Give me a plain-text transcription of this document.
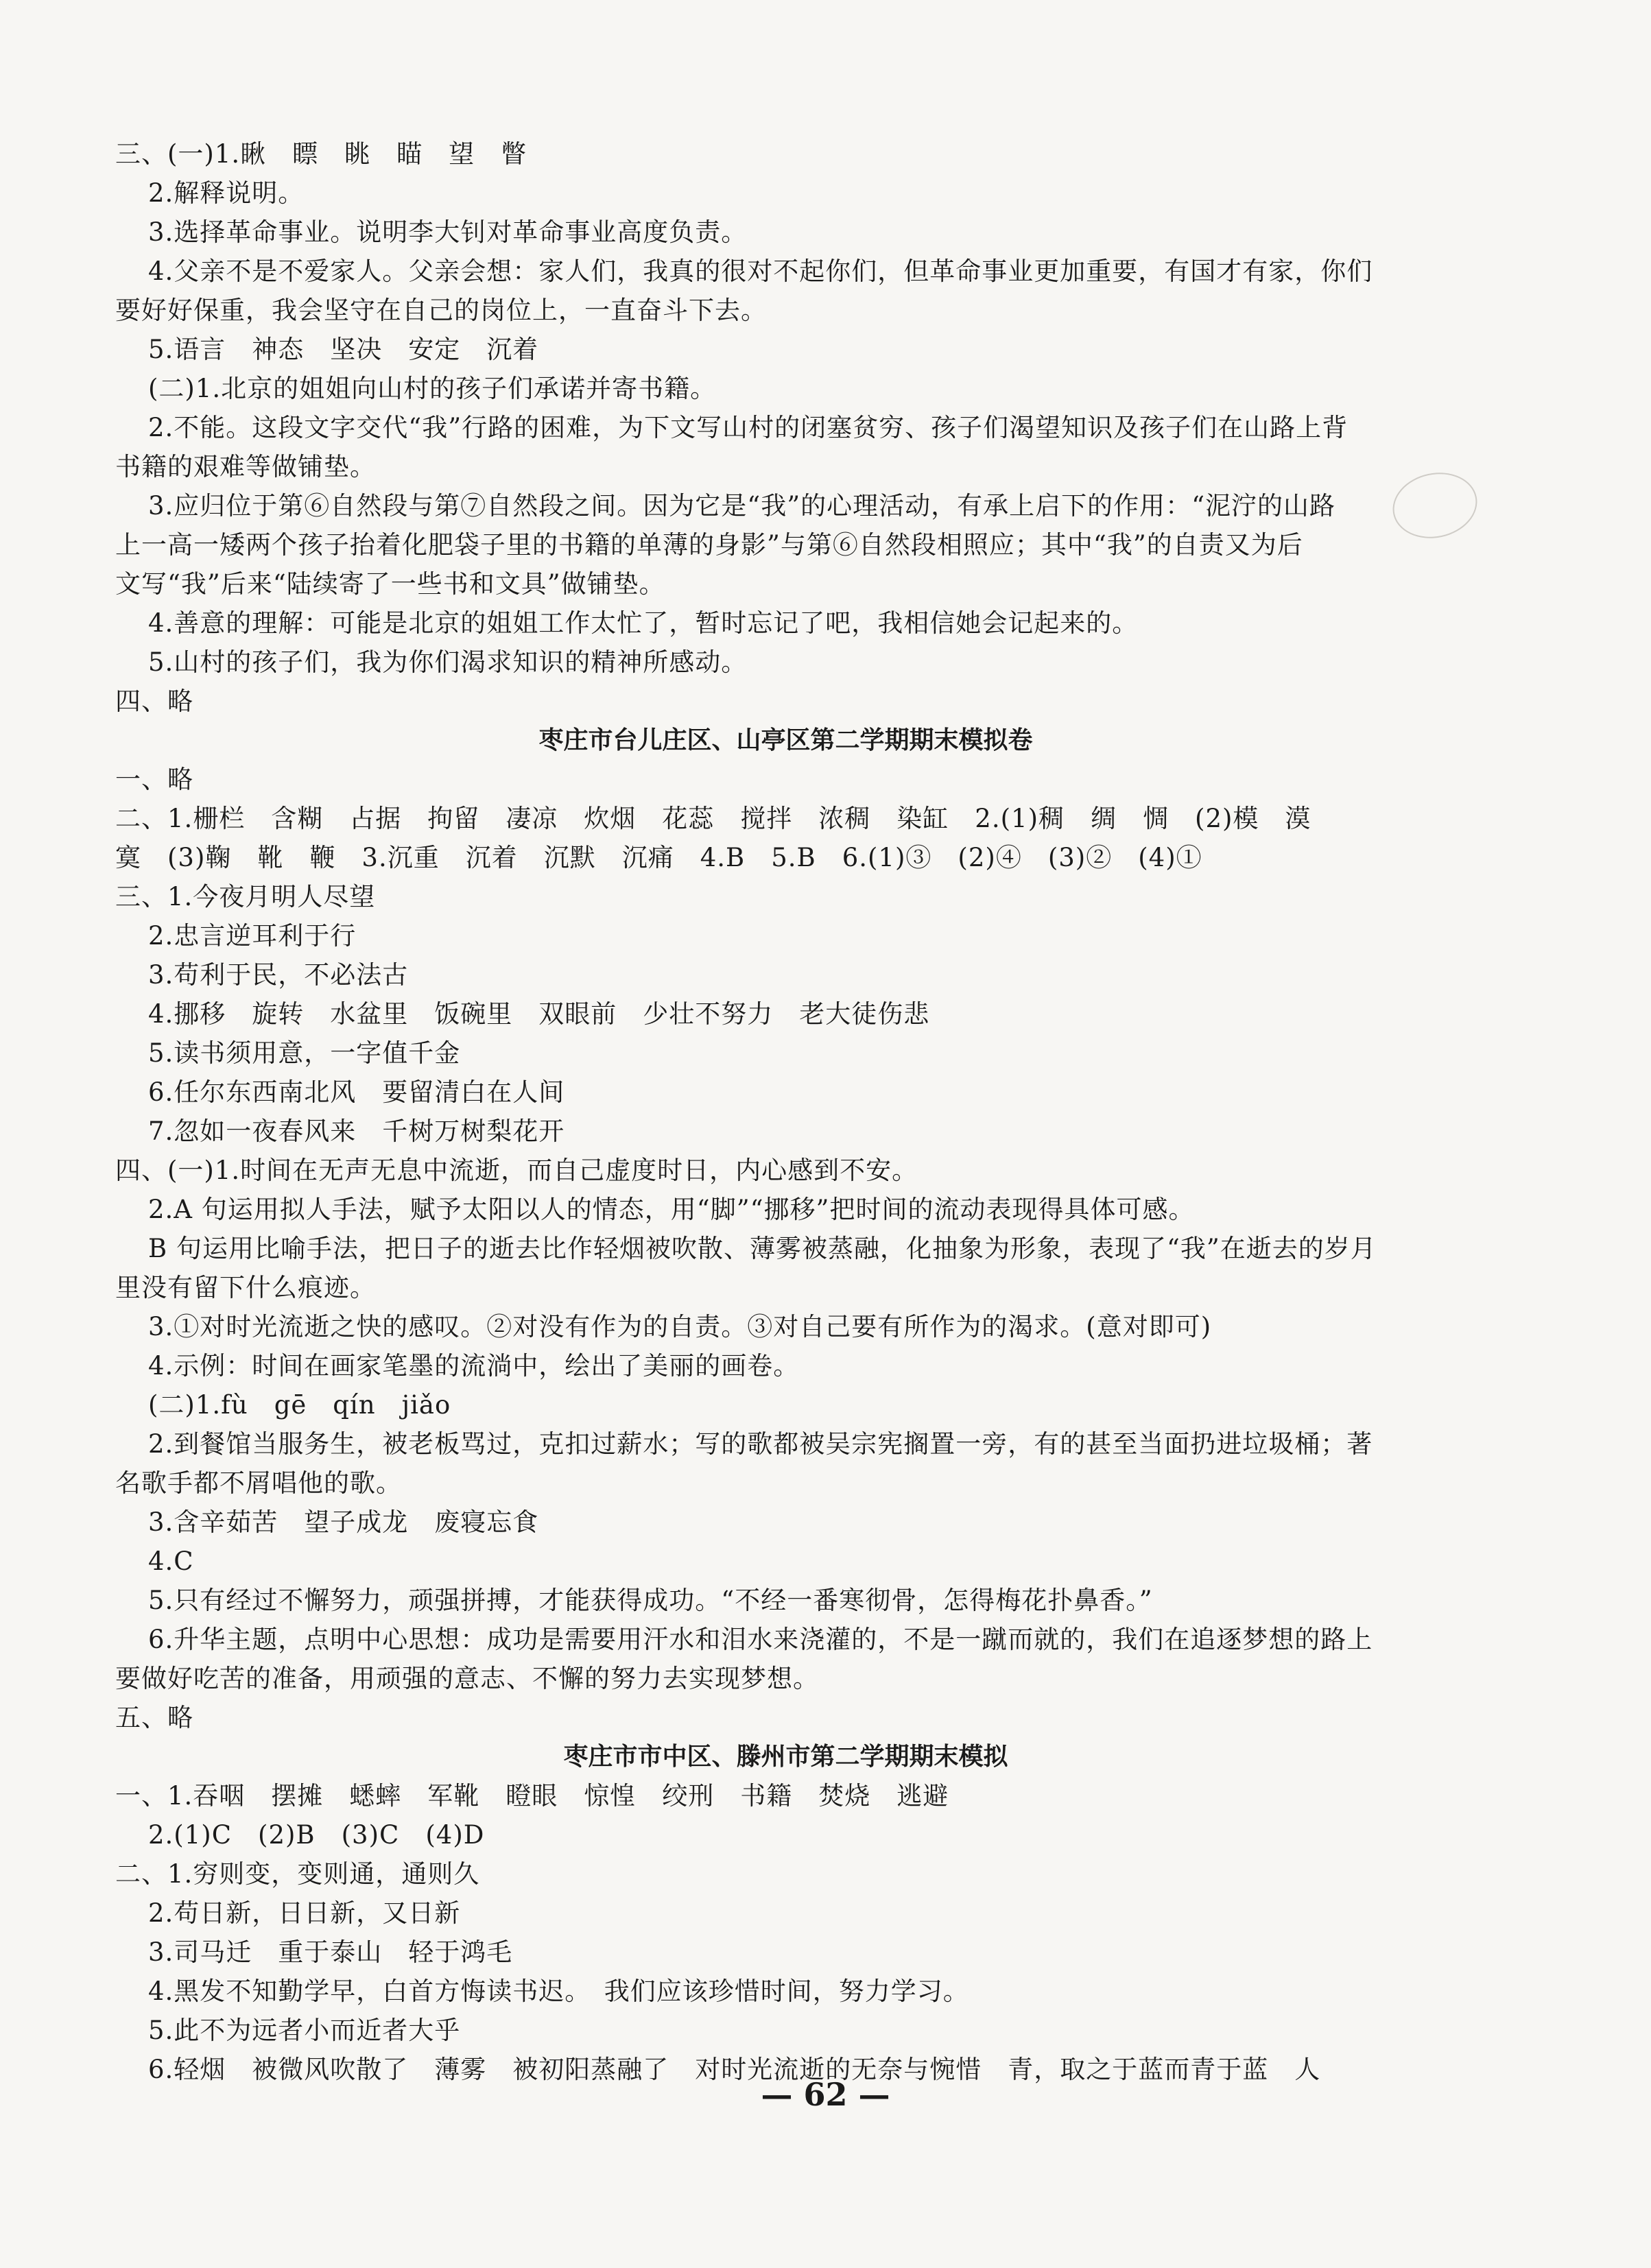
三、(一)1.瞅　瞟　眺　瞄　望　瞥
2.解释说明。
3.选择革命事业。说明李大钊对革命事业高度负责。
4.父亲不是不爱家人。父亲会想：家人们，我真的很对不起你们，但革命事业更加重要，有国才有家，你们
要好好保重，我会坚守在自己的岗位上，一直奋斗下去。
5.语言　神态　坚决　安定　沉着
(二)1.北京的姐姐向山村的孩子们承诺并寄书籍。
2.不能。这段文字交代“我”行路的困难，为下文写山村的闭塞贫穷、孩子们渴望知识及孩子们在山路上背
书籍的艰难等做铺垫。
3.应归位于第⑥自然段与第⑦自然段之间。因为它是“我”的心理活动，有承上启下的作用：“泥泞的山路
上一高一矮两个孩子抬着化肥袋子里的书籍的单薄的身影”与第⑥自然段相照应；其中“我”的自责又为后
文写“我”后来“陆续寄了一些书和文具”做铺垫。
4.善意的理解：可能是北京的姐姐工作太忙了，暂时忘记了吧，我相信她会记起来的。
5.山村的孩子们，我为你们渴求知识的精神所感动。
四、略
枣庄市台儿庄区、山亭区第二学期期末模拟卷
一、略
二、1.栅栏　含糊　占据　拘留　凄凉　炊烟　花蕊　搅拌　浓稠　染缸　2.(1)稠　绸　惆　(2)模　漠
寞　(3)鞠　靴　鞭　3.沉重　沉着　沉默　沉痛　4.B　5.B　6.(1)③　(2)④　(3)②　(4)①
三、1.今夜月明人尽望
2.忠言逆耳利于行
3.苟利于民，不必法古
4.挪移　旋转　水盆里　饭碗里　双眼前　少壮不努力　老大徒伤悲
5.读书须用意，一字值千金
6.任尔东西南北风　要留清白在人间
7.忽如一夜春风来　千树万树梨花开
四、(一)1.时间在无声无息中流逝，而自己虚度时日，内心感到不安。
2.A 句运用拟人手法，赋予太阳以人的情态，用“脚”“挪移”把时间的流动表现得具体可感。
B 句运用比喻手法，把日子的逝去比作轻烟被吹散、薄雾被蒸融，化抽象为形象，表现了“我”在逝去的岁月
里没有留下什么痕迹。
3.①对时光流逝之快的感叹。②对没有作为的自责。③对自己要有所作为的渴求。(意对即可)
4.示例：时间在画家笔墨的流淌中，绘出了美丽的画卷。
(二)1.fù　gē　qín　jiǎo
2.到餐馆当服务生，被老板骂过，克扣过薪水；写的歌都被吴宗宪搁置一旁，有的甚至当面扔进垃圾桶；著
名歌手都不屑唱他的歌。
3.含辛茹苦　望子成龙　废寝忘食
4.C
5.只有经过不懈努力，顽强拼搏，才能获得成功。“不经一番寒彻骨，怎得梅花扑鼻香。”
6.升华主题，点明中心思想：成功是需要用汗水和泪水来浇灌的，不是一蹴而就的，我们在追逐梦想的路上
要做好吃苦的准备，用顽强的意志、不懈的努力去实现梦想。
五、略
枣庄市市中区、滕州市第二学期期末模拟
一、1.吞咽　摆摊　蟋蟀　军靴　瞪眼　惊惶　绞刑　书籍　焚烧　逃避
2.(1)C　(2)B　(3)C　(4)D
二、1.穷则变，变则通，通则久
2.苟日新，日日新，又日新
3.司马迁　重于泰山　轻于鸿毛
4.黑发不知勤学早，白首方悔读书迟。　我们应该珍惜时间，努力学习。
5.此不为远者小而近者大乎
6.轻烟　被微风吹散了　薄雾　被初阳蒸融了　对时光流逝的无奈与惋惜　青，取之于蓝而青于蓝　人
— 62 —
